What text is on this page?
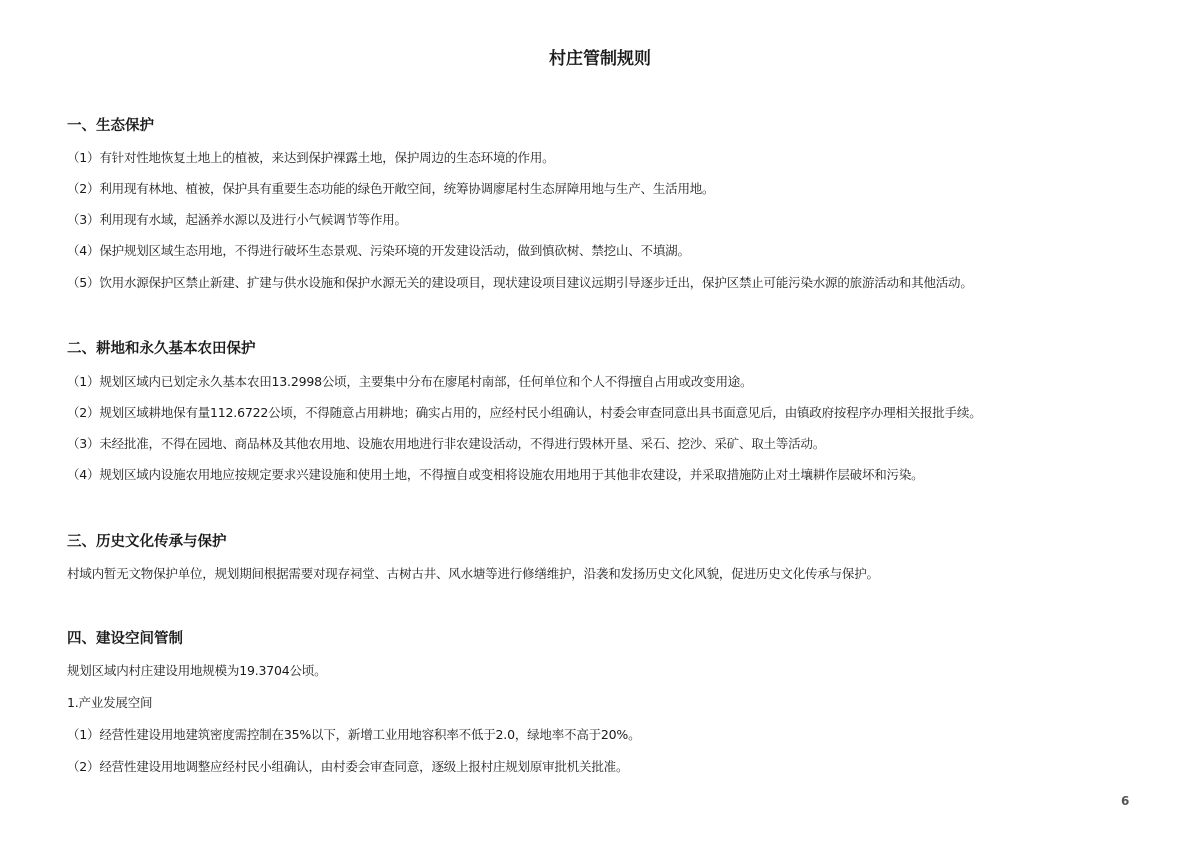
村庄管制规则
一、生态保护
（1）有针对性地恢复土地上的植被，来达到保护裸露土地，保护周边的生态环境的作用。
（2）利用现有林地、植被，保护具有重要生态功能的绿色开敞空间，统筹协调廖尾村生态屏障用地与生产、生活用地。
（3）利用现有水域，起涵养水源以及进行小气候调节等作用。
（4）保护规划区域生态用地，不得进行破坏生态景观、污染环境的开发建设活动，做到慎砍树、禁挖山、不填湖。
（5）饮用水源保护区禁止新建、扩建与供水设施和保护水源无关的建设项目，现状建设项目建议远期引导逐步迁出，保护区禁止可能污染水源的旅游活动和其他活动。
二、耕地和永久基本农田保护
（1）规划区域内已划定永久基本农田13.2998公顷，主要集中分布在廖尾村南部，任何单位和个人不得擅自占用或改变用途。
（2）规划区域耕地保有量112.6722公顷，不得随意占用耕地；确实占用的，应经村民小组确认，村委会审查同意出具书面意见后，由镇政府按程序办理相关报批手续。
（3）未经批准，不得在园地、商品林及其他农用地、设施农用地进行非农建设活动，不得进行毁林开垦、采石、挖沙、采矿、取土等活动。
（4）规划区域内设施农用地应按规定要求兴建设施和使用土地，不得擅自或变相将设施农用地用于其他非农建设，并采取措施防止对土壤耕作层破坏和污染。
三、历史文化传承与保护
村域内暂无文物保护单位，规划期间根据需要对现存祠堂、古树古井、风水塘等进行修缮维护，沿袭和发扬历史文化风貌，促进历史文化传承与保护。
四、建设空间管制
规划区域内村庄建设用地规模为19.3704公顷。
1.产业发展空间
（1）经营性建设用地建筑密度需控制在35%以下，新增工业用地容积率不低于2.0，绿地率不高于20%。
（2）经营性建设用地调整应经村民小组确认，由村委会审查同意，逐级上报村庄规划原审批机关批准。
6
